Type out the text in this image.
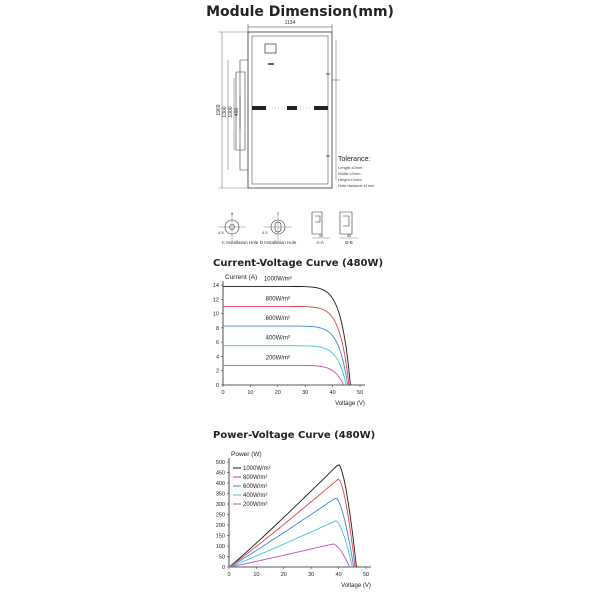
Module Dimension(mm)
1134
1969 1300 1000 400
Tolerance:
Length:±2mm
Width:±2mm
Height:±1mm
Hole distance:±1mm
9
4.5
C Installation Hole
7
4.5
D Installation Hole
30
A-A
30
B-B
Current-Voltage Curve (480W)
0	10	20	30	40	50
0
2
4
6
8
10
12
14
Voltage (V)
Current (A) 1000W/m²
800W/m²
600W/m²
400W/m²
200W/m²
Power-Voltage Curve (480W)
0	10	20	30	40	50
0
50
100
150
200
250
300
350
400
450
500
Voltage (V)
Power (W)
1000W/m²
800W/m²
600W/m²
400W/m²
200W/m²
